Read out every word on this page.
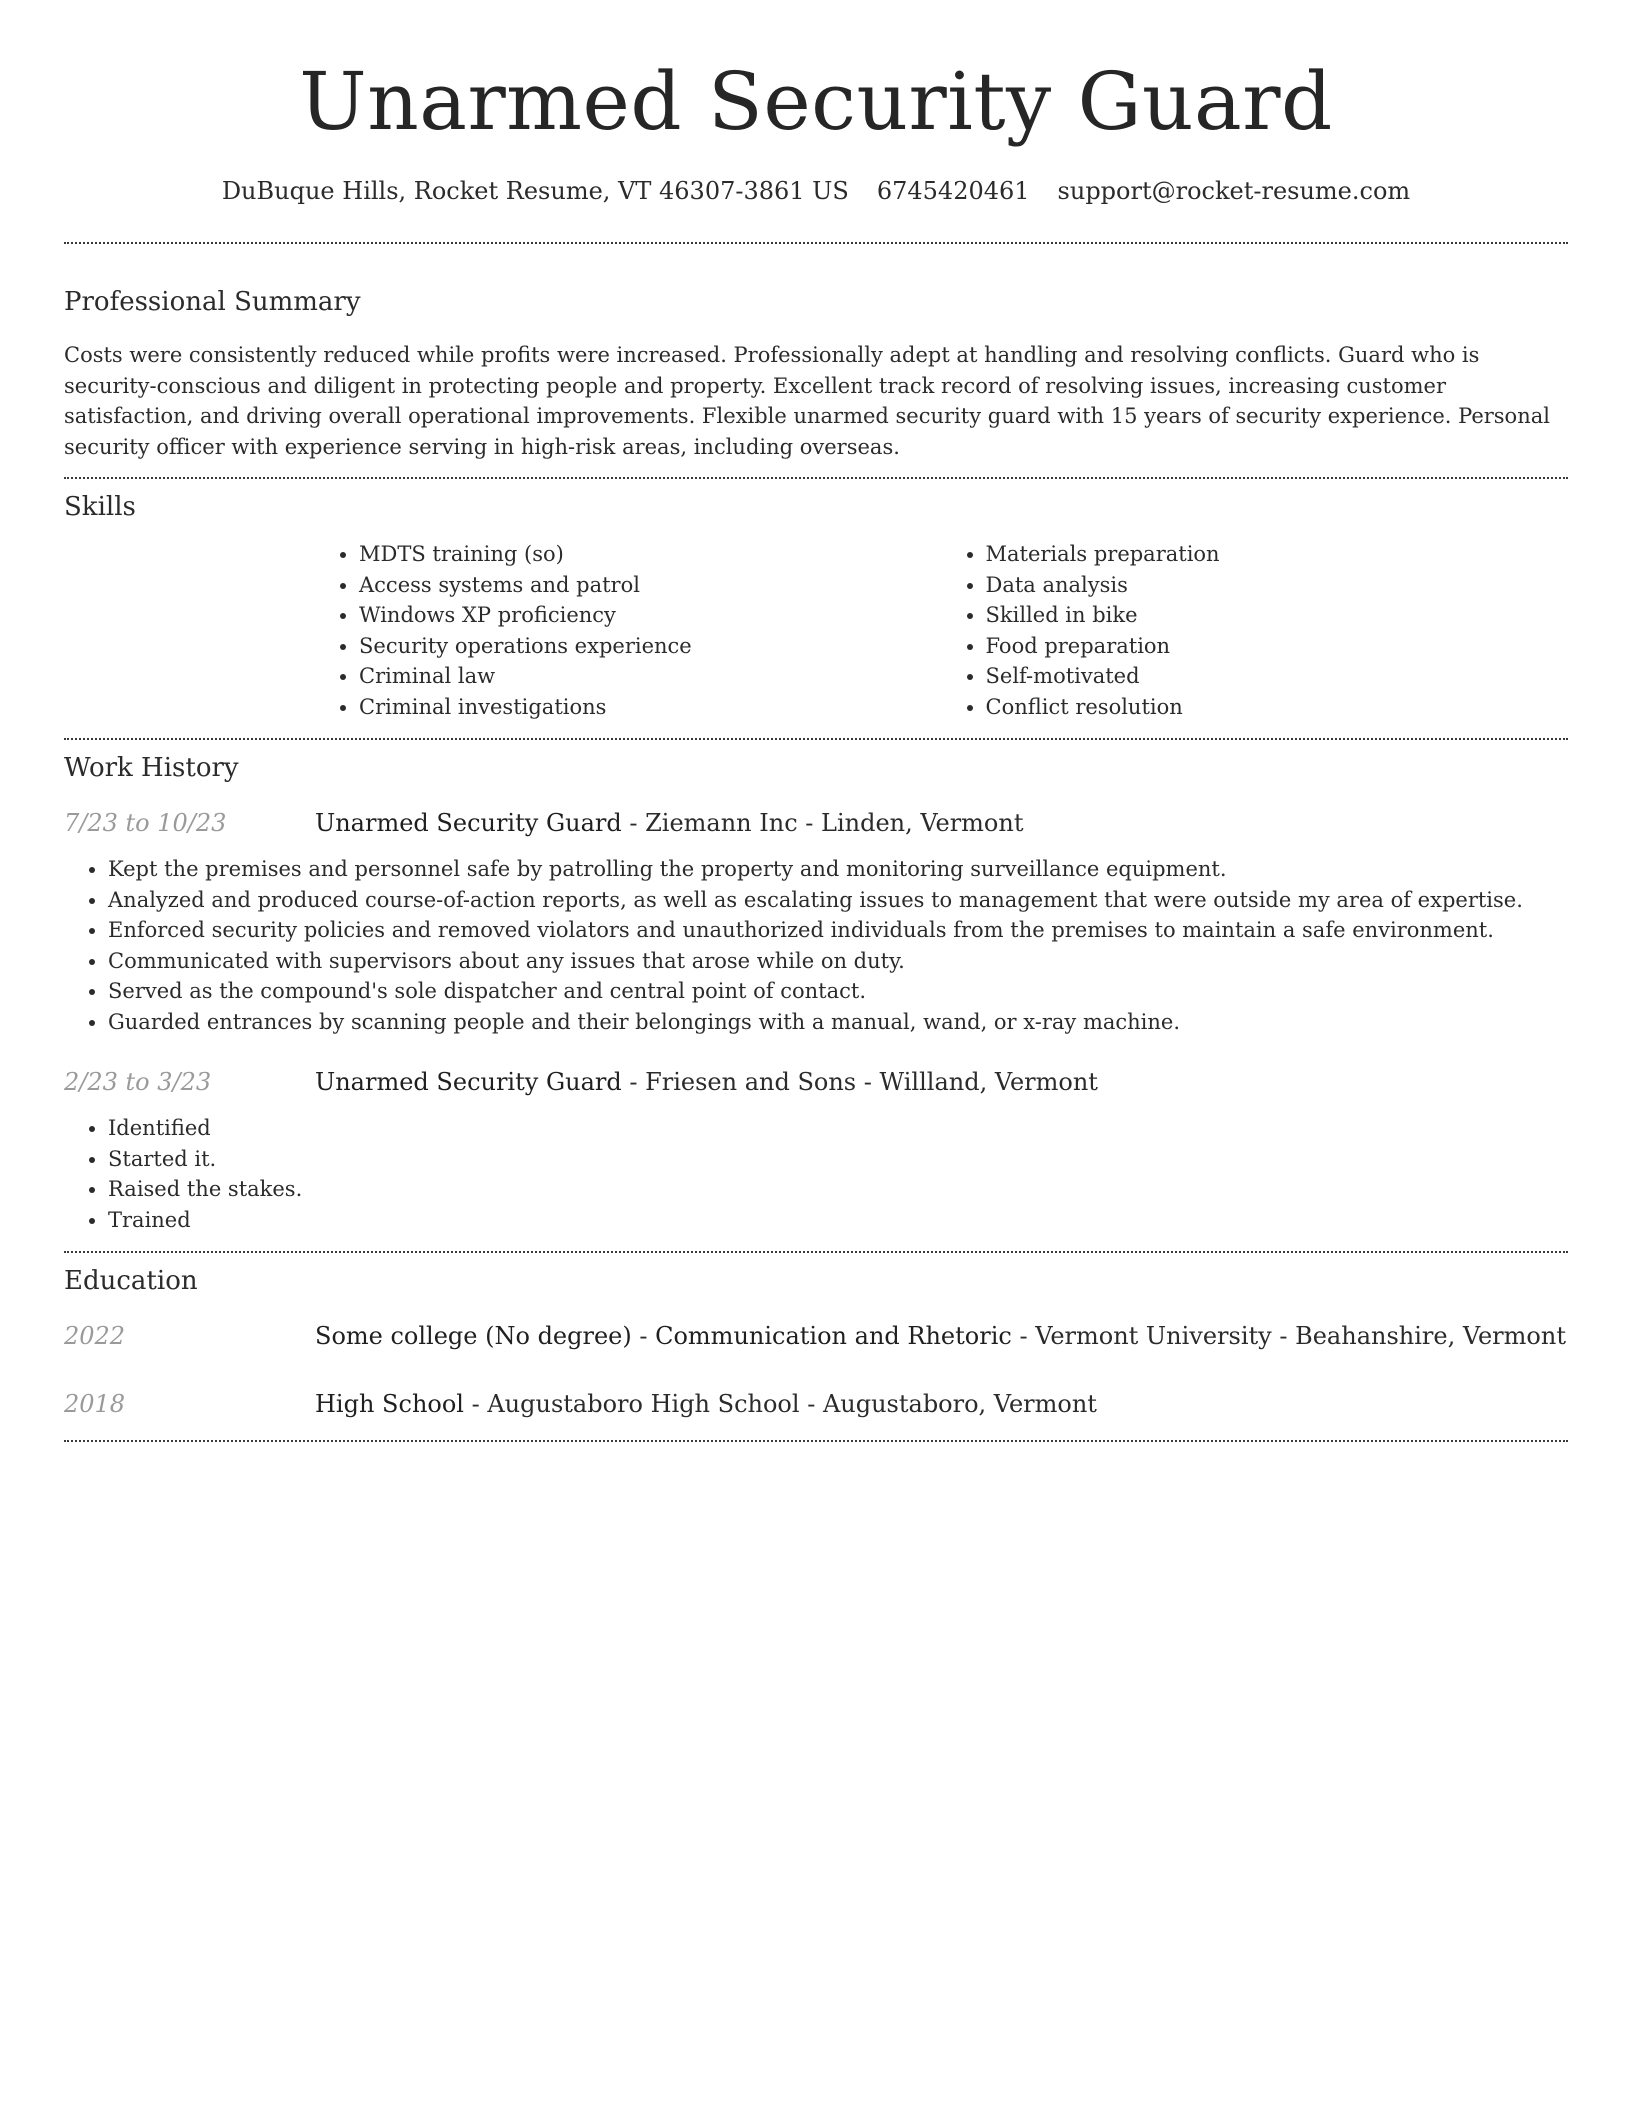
Unarmed Security Guard
DuBuque Hills, Rocket Resume, VT 46307-3861 US 6745420461 support@rocket-resume.com
Professional Summary

Costs were consistently reduced while profits were increased. Professionally adept at handling and resolving conflicts. Guard who is security-conscious and diligent in protecting people and property. Excellent track record of resolving issues, increasing customer satisfaction, and driving overall operational improvements. Flexible unarmed security guard with 15 years of security experience. Personal security officer with experience serving in high-risk areas, including overseas.

Skills
• MDTS training (so)
• Access systems and patrol
• Windows XP proficiency
• Security operations experience
• Criminal law
• Criminal investigations
• Materials preparation
• Data analysis
• Skilled in bike
• Food preparation
• Self-motivated
• Conflict resolution
Work History
7/23 to 10/23	Unarmed Security Guard - Ziemann Inc - Linden, Vermont
• Kept the premises and personnel safe by patrolling the property and monitoring surveillance equipment.
• Analyzed and produced course-of-action reports, as well as escalating issues to management that were outside my area of expertise.
• Enforced security policies and removed violators and unauthorized individuals from the premises to maintain a safe environment.
• Communicated with supervisors about any issues that arose while on duty.
• Served as the compound's sole dispatcher and central point of contact.
• Guarded entrances by scanning people and their belongings with a manual, wand, or x-ray machine.
2/23 to 3/23	Unarmed Security Guard - Friesen and Sons - Willland, Vermont
• Identified
• Started it.
• Raised the stakes.
• Trained
Education
2022	Some college (No degree) - Communication and Rhetoric - Vermont University - Beahanshire, Vermont
2018	High School - Augustaboro High School - Augustaboro, Vermont
